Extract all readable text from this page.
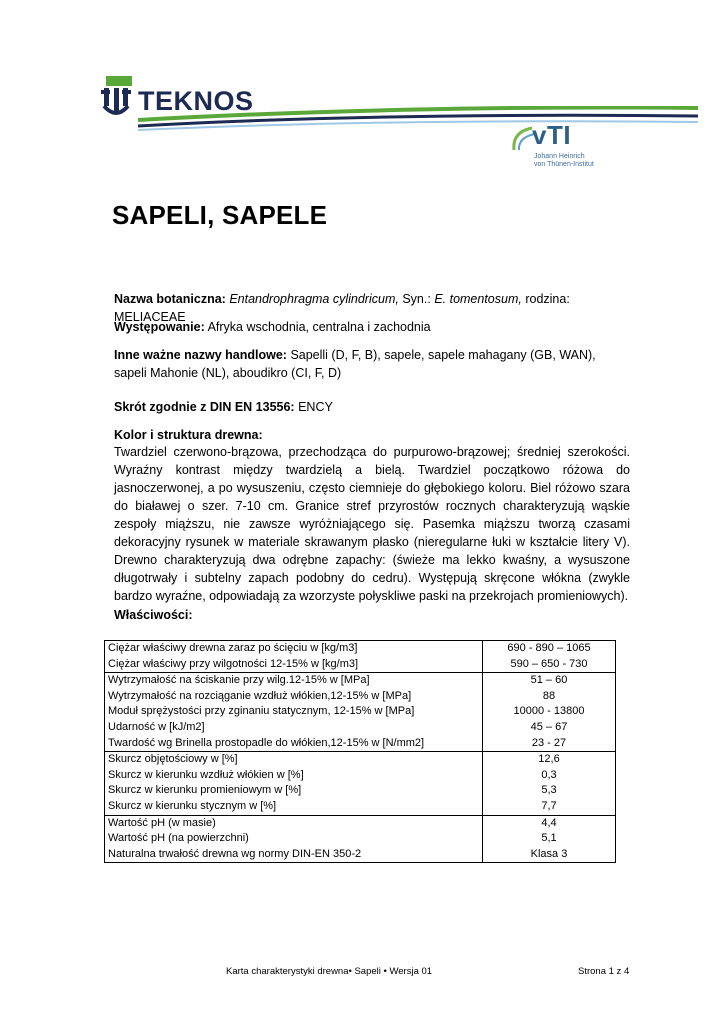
TEKNOS
vTI
Johann Heinrich
von Thünen-Institut
SAPELI, SAPELE
Nazwa botaniczna: Entandrophragma cylindricum, Syn.: E. tomentosum, rodzina: MELIACEAE
Występowanie: Afryka wschodnia, centralna i zachodnia
Inne ważne nazwy handlowe: Sapelli (D, F, B), sapele, sapele mahagany (GB, WAN), sapeli Mahonie (NL), aboudikro (CI, F, D)
Skrót zgodnie z DIN EN 13556: ENCY
Kolor i struktura drewna:
Twardziel czerwono-brązowa, przechodząca do purpurowo-brązowej; średniej szerokości. Wyraźny kontrast między twardzielą a bielą. Twardziel początkowo różowa do jasnoczerwonej, a po wysuszeniu, często ciemnieje do głębokiego koloru. Biel różowo szara do białawej o szer. 7-10 cm. Granice stref przyrostów rocznych charakteryzują wąskie zespoły miąższu, nie zawsze wyróżniającego się. Pasemka miąższu tworzą czasami dekoracyjny rysunek w materiale skrawanym płasko (nieregularne łuki w kształcie litery V). Drewno charakteryzują dwa odrębne zapachy: (świeże ma lekko kwaśny, a wysuszone długotrwały i subtelny zapach podobny do cedru). Występują skręcone włókna (zwykle bardzo wyraźne, odpowiadają za wzorzyste połyskliwe paski na przekrojach promieniowych).
Właściwości:
Ciężar właściwy drewna zaraz po ścięciu w [kg/m3]	690 - 890 – 1065
Ciężar właściwy przy wilgotności 12-15% w [kg/m3]	590 – 650 - 730
Wytrzymałość na ściskanie przy wilg.12-15% w [MPa]	51 – 60
Wytrzymałość na rozciąganie wzdłuż włókien,12-15% w [MPa]	88
Moduł sprężystości przy zginaniu statycznym, 12-15% w [MPa]	10000 - 13800
Udarność w [kJ/m2]	45 – 67
Twardość wg Brinella prostopadle do włókien,12-15% w [N/mm2]	23 - 27
Skurcz objętościowy w [%]	12,6
Skurcz w kierunku wzdłuż włókien w [%]	0,3
Skurcz w kierunku promieniowym w [%]	5,3
Skurcz w kierunku stycznym w [%]	7,7
Wartość pH (w masie)	4,4
Wartość pH (na powierzchni)	5,1
Naturalna trwałość drewna wg normy DIN-EN 350-2	Klasa 3
Karta charakterystyki drewna• Sapeli • Wersja 01	Strona 1 z 4
